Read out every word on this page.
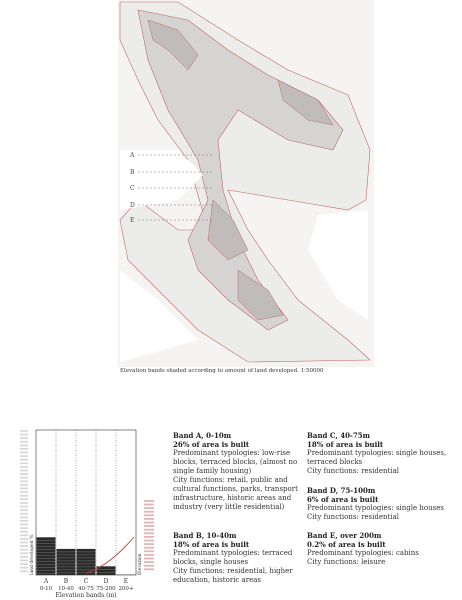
A
B
C
D
E
Elevation bands shaded according to amount of land developed. 1:50000
A	B	C	D	E
0-10 10-40 40-75 75-200 200+
Elevation bands (m)
land developed %	Elevation
Band A, 0-10m
26% of area is built
Predominant typologies: low-rise blocks, terraced blocks, (almost no single family housing)
City functions: retail, public and cultural functions, parks, transport infrastructure, historic areas and industry (very little residential)
Band B, 10-40m
18% of area is built
Predominant typologies: terraced blocks, single houses
City functions: residential, higher education, historic areas
Band C, 40-75m
18% of area is built
Predominant typologies: single houses, terraced blocks
City functions: residential
Band D, 75-100m
6% of area is built
Predominant typologies: single houses
City functions: residential
Band E, over 200m
0.2% of area is built
Predominant typologies: cabins
City functions: leisure
